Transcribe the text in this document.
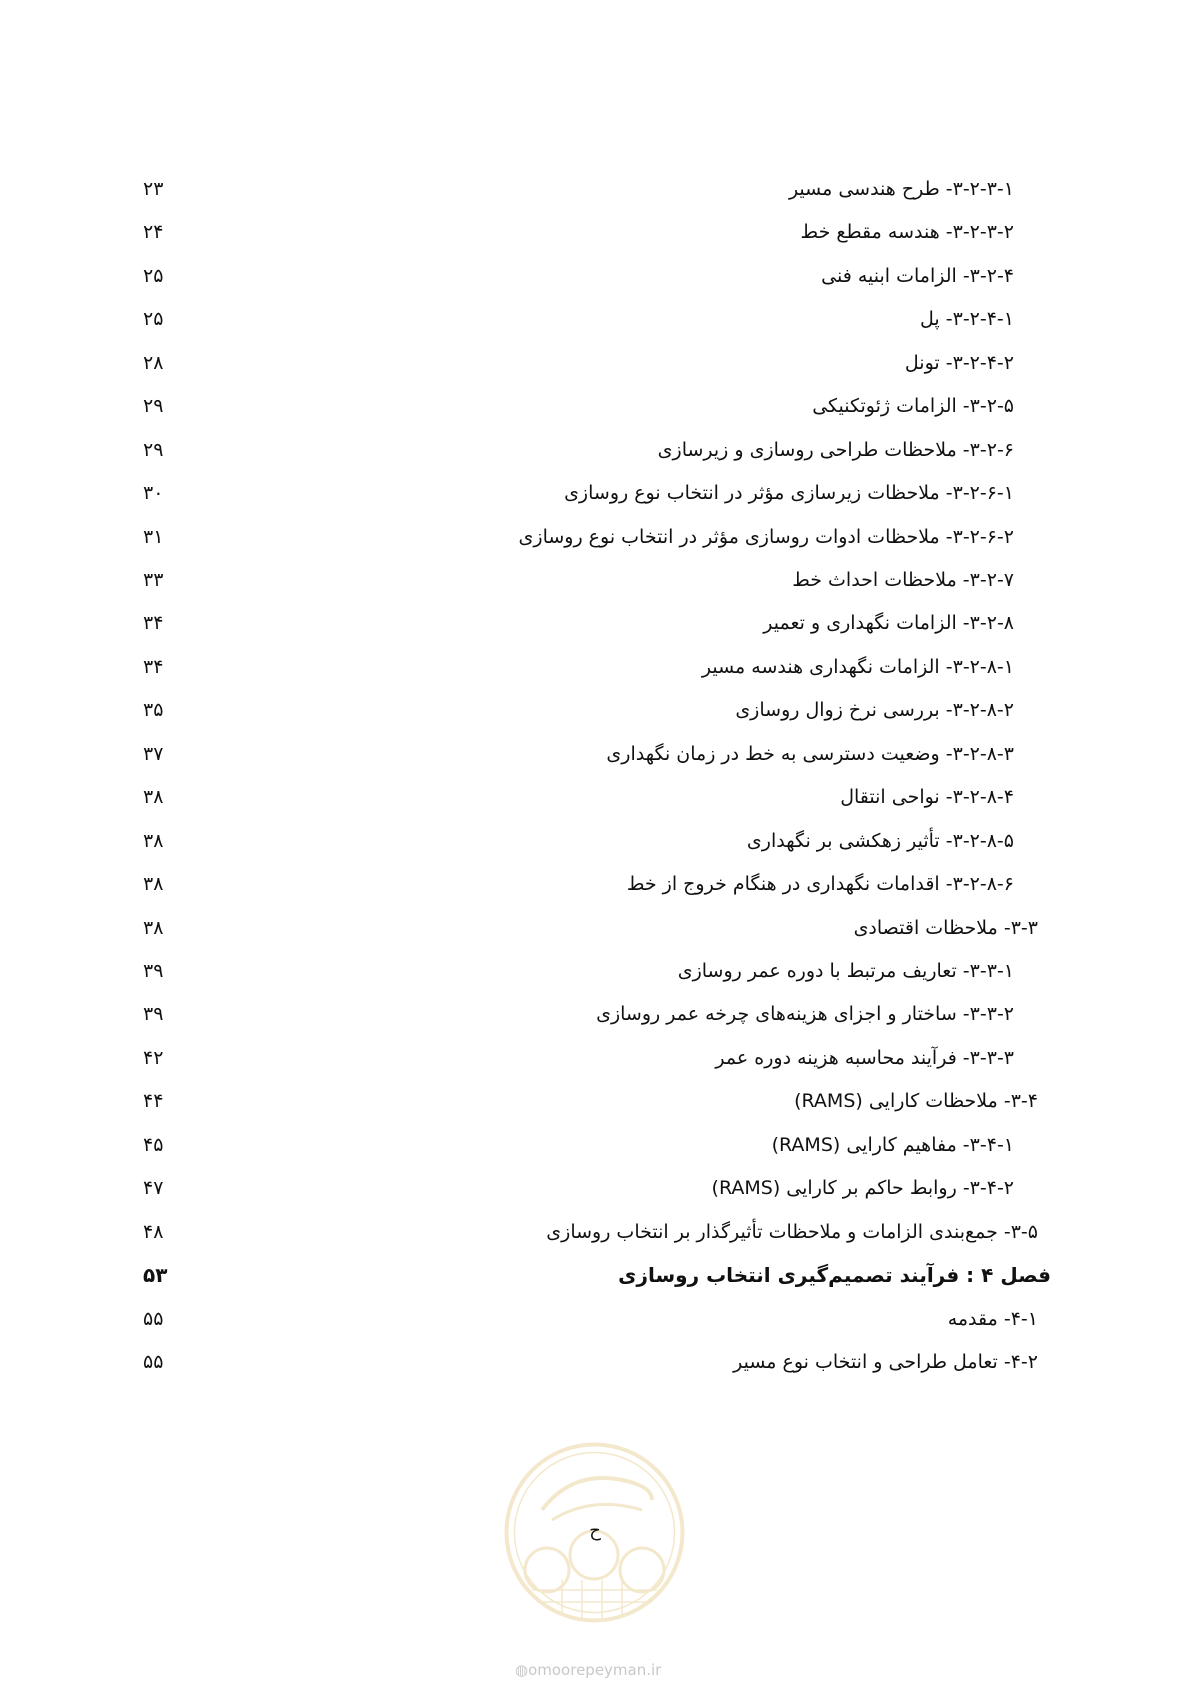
۳-۲-۳-۱- طرح هندسی مسیر
۲۳
۳-۲-۳-۲- هندسه مقطع خط
۲۴
۳-۲-۴- الزامات ابنیه فنی
۲۵
۳-۲-۴-۱- پل
۲۵
۳-۲-۴-۲- تونل
۲۸
۳-۲-۵- الزامات ژئوتکنیکی
۲۹
۳-۲-۶- ملاحظات طراحی روسازی و زیرسازی
۲۹
۳-۲-۶-۱- ملاحظات زیرسازی مؤثر در انتخاب نوع روسازی
۳۰
۳-۲-۶-۲- ملاحظات ادوات روسازی مؤثر در انتخاب نوع روسازی
۳۱
۳-۲-۷- ملاحظات احداث خط
۳۳
۳-۲-۸- الزامات نگهداری و تعمیر
۳۴
۳-۲-۸-۱- الزامات نگهداری هندسه مسیر
۳۴
۳-۲-۸-۲- بررسی نرخ زوال روسازی
۳۵
۳-۲-۸-۳- وضعیت دسترسی به خط در زمان نگهداری
۳۷
۳-۲-۸-۴- نواحی انتقال
۳۸
۳-۲-۸-۵- تأثیر زهکشی بر نگهداری
۳۸
۳-۲-۸-۶- اقدامات نگهداری در هنگام خروج از خط
۳۸
۳-۳- ملاحظات اقتصادی
۳۸
۳-۳-۱- تعاریف مرتبط با دوره عمر روسازی
۳۹
۳-۳-۲- ساختار و اجزای هزینه‌های چرخه عمر روسازی
۳۹
۳-۳-۳- فرآیند محاسبه هزینه دوره عمر
۴۲
۳-۴- ملاحظات کارایی (RAMS)
۴۴
۳-۴-۱- مفاهیم کارایی (RAMS)
۴۵
۳-۴-۲- روابط حاکم بر کارایی (RAMS)
۴۷
۳-۵- جمع‌بندی الزامات و ملاحظات تأثیرگذار بر انتخاب روسازی
۴۸
فصل ۴ : فرآیند تصمیم‌گیری انتخاب روسازی
۵۳
۴-۱- مقدمه
۵۵
۴-۲- تعامل طراحی و انتخاب نوع مسیر
۵۵
ح
◍omoorepeyman.ir
